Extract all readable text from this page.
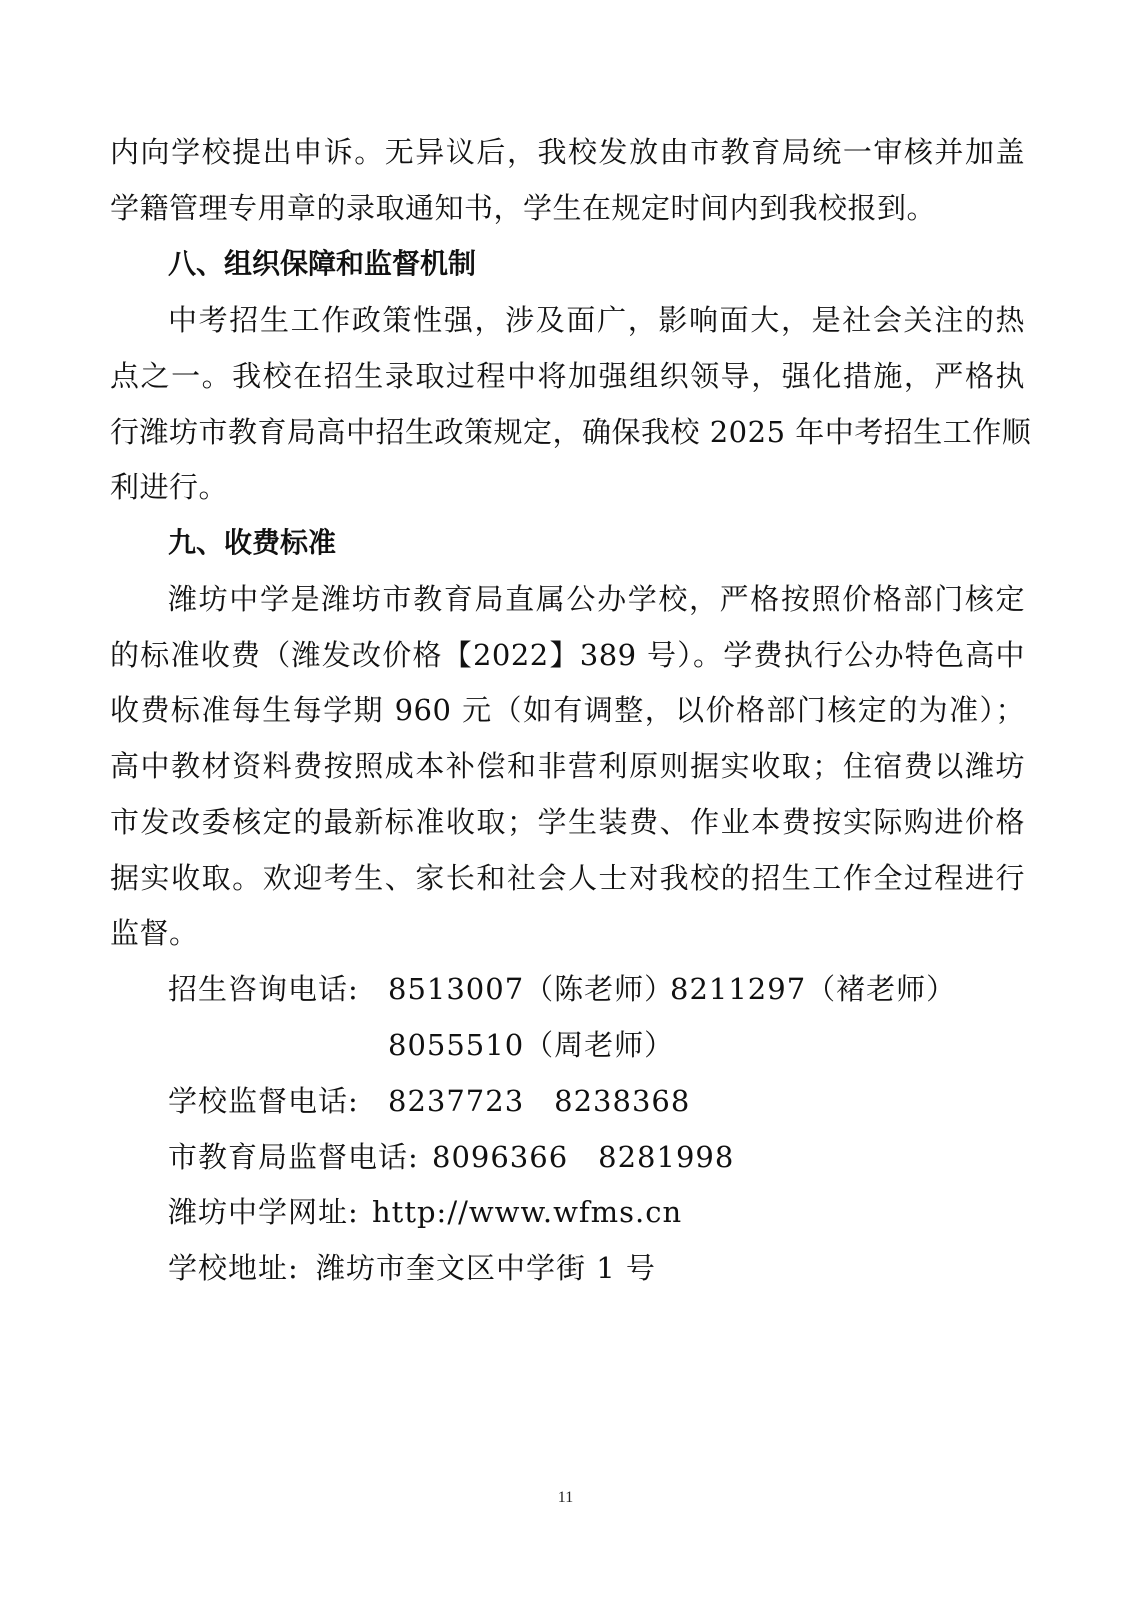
内向学校提出申诉。无异议后，我校发放由市教育局统一审核并加盖
学籍管理专用章的录取通知书，学生在规定时间内到我校报到。
八、组织保障和监督机制
中考招生工作政策性强，涉及面广，影响面大，是社会关注的热
点之一。我校在招生录取过程中将加强组织领导，强化措施，严格执
行潍坊市教育局高中招生政策规定，确保我校 2025 年中考招生工作顺
利进行。
九、收费标准
潍坊中学是潍坊市教育局直属公办学校，严格按照价格部门核定
的标准收费（潍发改价格【2022】389 号）。学费执行公办特色高中
收费标准每生每学期 960 元（如有调整，以价格部门核定的为准）；
高中教材资料费按照成本补偿和非营利原则据实收取；住宿费以潍坊
市发改委核定的最新标准收取；学生装费、作业本费按实际购进价格
据实收取。欢迎考生、家长和社会人士对我校的招生工作全过程进行
监督。
招生咨询电话: 8513007（陈老师）
8211297（褚老师）
8055510（周老师）
学校监督电话: 8237723　8238368
市教育局监督电话: 8096366　8281998
潍坊中学网址: http://www.wfms.cn
学校地址: 潍坊市奎文区中学街 1 号
11
